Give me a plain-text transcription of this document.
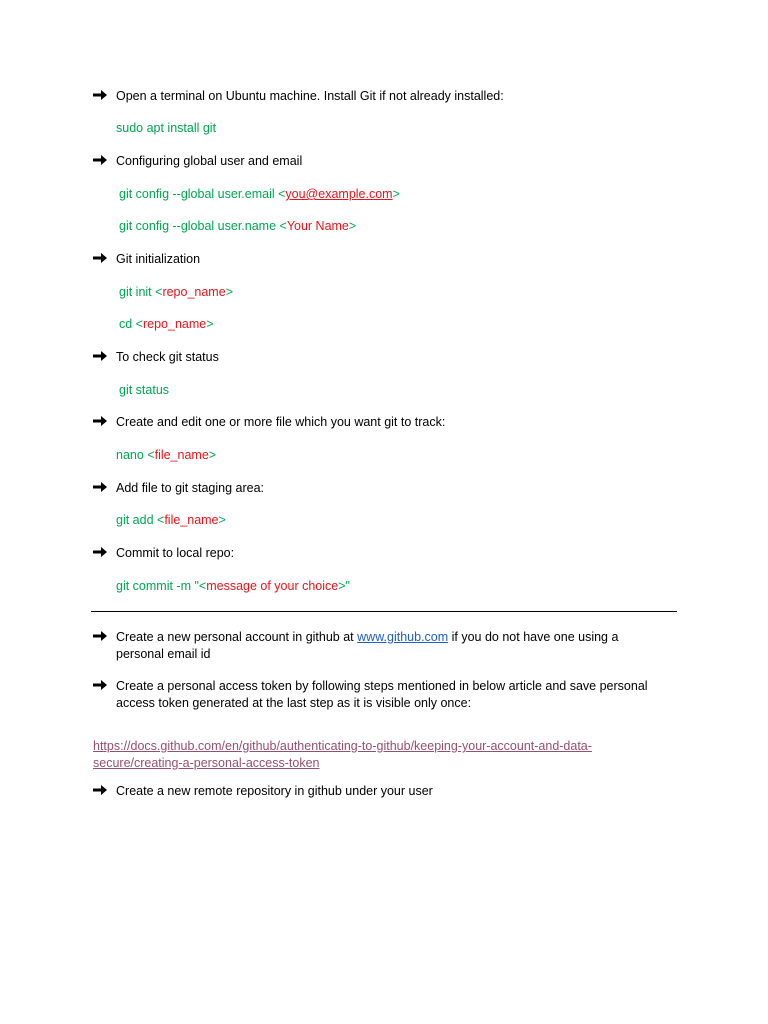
Open a terminal on Ubuntu machine. Install Git if not already installed:
sudo apt install git
Configuring global user and email
git config --global user.email <you@example.com>
git config --global user.name <Your Name>
Git initialization
git init <repo_name>
cd <repo_name>
To check git status
git status
Create and edit one or more file which you want git to track:
nano <file_name>
Add file to git staging area:
git add <file_name>
Commit to local repo:
git commit -m "<message of your choice>"
Create a new personal account in github at www.github.com if you do not have one using a
personal email id
Create a personal access token by following steps mentioned in below article and save personal
access token generated at the last step as it is visible only once:
https://docs.github.com/en/github/authenticating-to-github/keeping-your-account-and-data-
secure/creating-a-personal-access-token
Create a new remote repository in github under your user
